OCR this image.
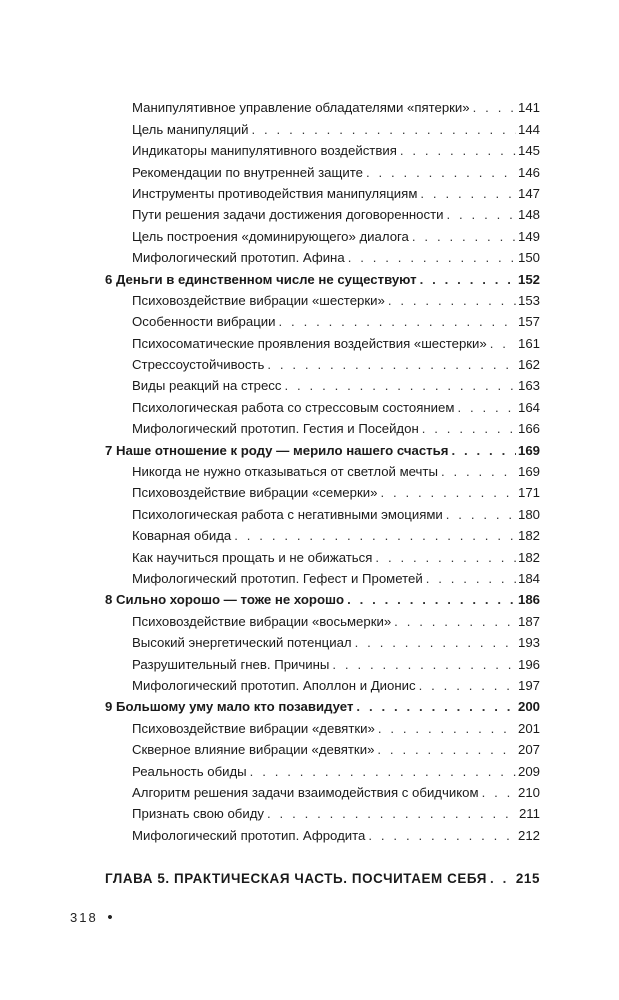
Манипулятивное управление обладателями «пятерки» . . .	141
Цель манипуляций . . .	144
Индикаторы манипулятивного воздействия . . .	145
Рекомендации по внутренней защите . . .	146
Инструменты противодействия манипуляциям . . .	147
Пути решения задачи достижения договоренности . . .	148
Цель построения «доминирующего» диалога . . .	149
Мифологический прототип. Афина . . .	150
6 Деньги в единственном числе не существуют . . .	152
Психовоздействие вибрации «шестерки» . . .	153
Особенности вибрации . . .	157
Психосоматические проявления воздействия «шестерки» . . . 161
Стрессоустойчивость . . .	162
Виды реакций на стресс . . .	163
Психологическая работа со стрессовым состоянием . . .	164
Мифологический прототип. Гестия и Посейдон . . .	166
7 Наше отношение к роду — мерило нашего счастья . . .	169
Никогда не нужно отказываться от светлой мечты . . .	169
Психовоздействие вибрации «семерки» . . .	171
Психологическая работа с негативными эмоциями . . .	180
Коварная обида . . .	182
Как научиться прощать и не обижаться . . .	182
Мифологический прототип. Гефест и Прометей . . .	184
8 Сильно хорошо — тоже не хорошо . . .	186
Психовоздействие вибрации «восьмерки» . . .	187
Высокий энергетический потенциал . . .	193
Разрушительный гнев. Причины . . .	196
Мифологический прототип. Аполлон и Дионис . . .	197
9 Большому уму мало кто позавидует . . .	200
Психовоздействие вибрации «девятки» . . .	201
Скверное влияние вибрации «девятки» . . .	207
Реальность обиды . . .	209
Алгоритм решения задачи взаимодействия с обидчиком . . .	210
Признать свою обиду . . .	211
Мифологический прототип. Афродита . . .	212
ГЛАВА 5. ПРАКТИЧЕСКАЯ ЧАСТЬ. ПОСЧИТАЕМ СЕБЯ . . . 215
318 •
